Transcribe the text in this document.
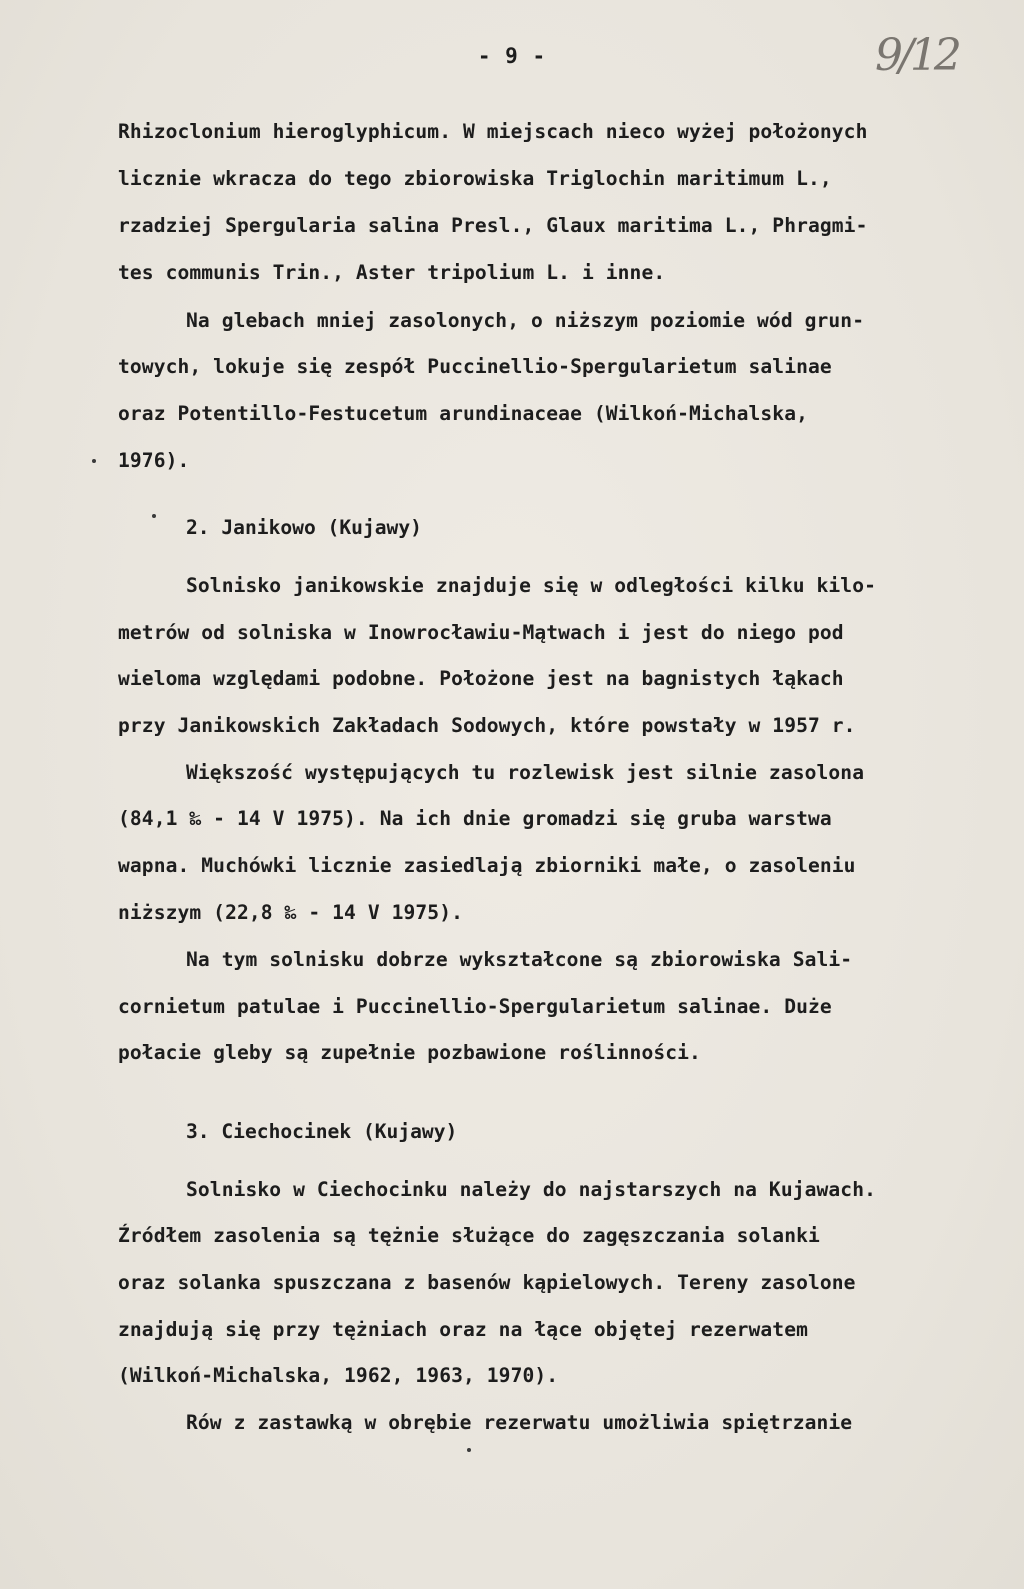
- 9 -	9/12
Rhizoclonium hieroglyphicum. W miejscach nieco wyżej położonych
licznie wkracza do tego zbiorowiska Triglochin maritimum L.,
rzadziej Spergularia salina Presl., Glaux maritima L., Phragmi-
tes communis Trin., Aster tripolium L. i inne.
Na glebach mniej zasolonych, o niższym poziomie wód grun-
towych, lokuje się zespół Puccinellio-Spergularietum salinae
oraz Potentillo-Festucetum arundinaceae (Wilkoń-Michalska,
1976).
2. Janikowo (Kujawy)
Solnisko janikowskie znajduje się w odległości kilku kilo-
metrów od solniska w Inowrocławiu-Mątwach i jest do niego pod
wieloma względami podobne. Położone jest na bagnistych łąkach
przy Janikowskich Zakładach Sodowych, które powstały w 1957 r.
Większość występujących tu rozlewisk jest silnie zasolona
(84,1 ‰ - 14 V 1975). Na ich dnie gromadzi się gruba warstwa
wapna. Muchówki licznie zasiedlają zbiorniki małe, o zasoleniu
niższym (22,8 ‰ - 14 V 1975).
Na tym solnisku dobrze wykształcone są zbiorowiska Sali-
cornietum patulae i Puccinellio-Spergularietum salinae. Duże
połacie gleby są zupełnie pozbawione roślinności.
3. Ciechocinek (Kujawy)
Solnisko w Ciechocinku należy do najstarszych na Kujawach.
Źródłem zasolenia są tężnie służące do zagęszczania solanki
oraz solanka spuszczana z basenów kąpielowych. Tereny zasolone
znajdują się przy tężniach oraz na łące objętej rezerwatem
(Wilkoń-Michalska, 1962, 1963, 1970).
Rów z zastawką w obrębie rezerwatu umożliwia spiętrzanie
